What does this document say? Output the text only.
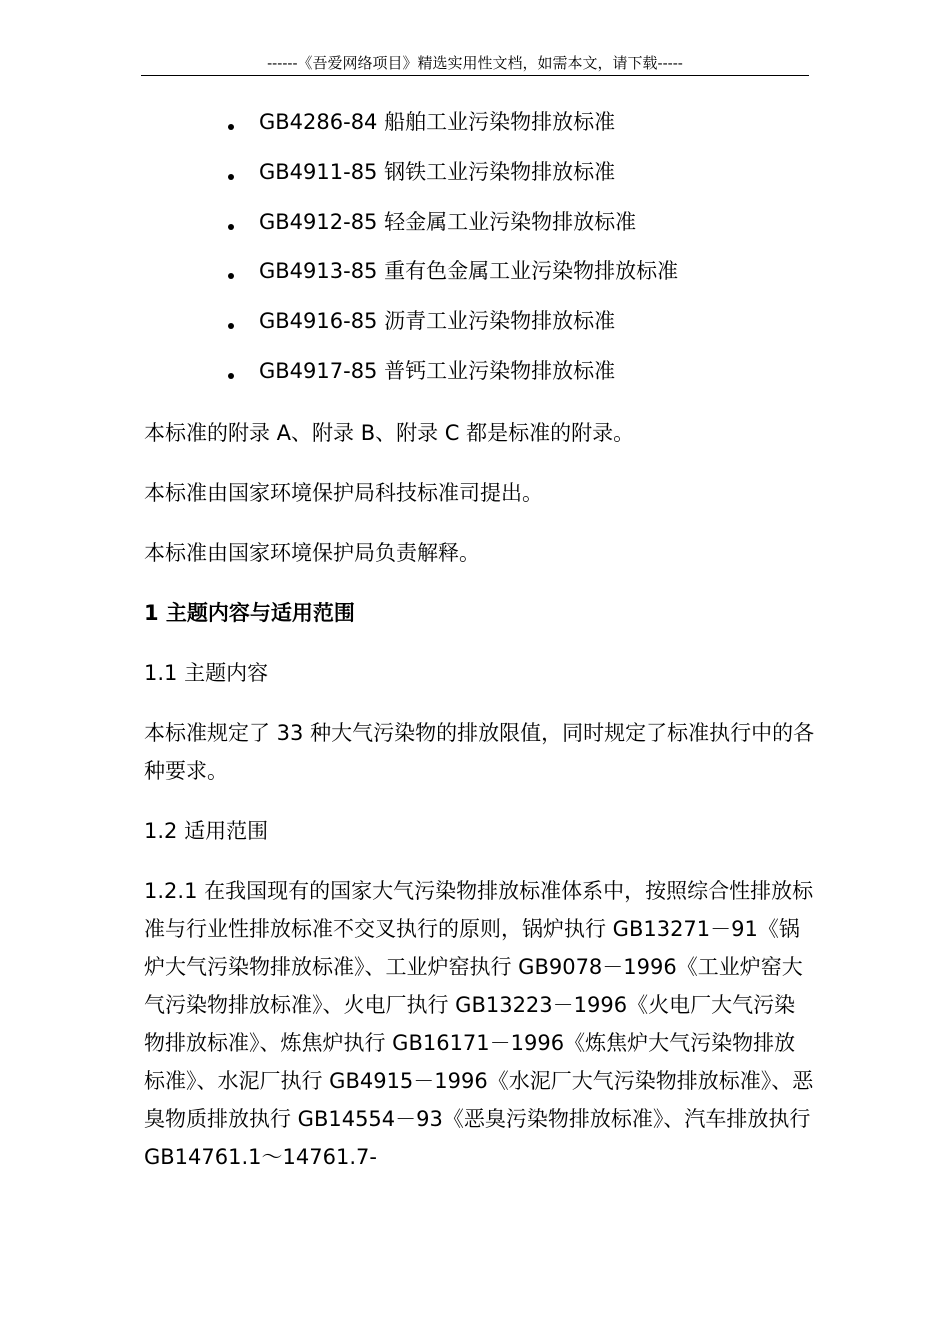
------《吾爱网络项目》精选实用性文档，如需本文，请下载-----
GB4286-84 船舶工业污染物排放标准
GB4911-85 钢铁工业污染物排放标准
GB4912-85 轻金属工业污染物排放标准
GB4913-85 重有色金属工业污染物排放标准
GB4916-85 沥青工业污染物排放标准
GB4917-85 普钙工业污染物排放标准

本标准的附录 A、附录 B、附录 C 都是标准的附录。

本标准由国家环境保护局科技标准司提出。

本标准由国家环境保护局负责解释。

1 主题内容与适用范围

1.1 主题内容

本标准规定了 33 种大气污染物的排放限值，同时规定了标准执行中的各种要求。

1.2 适用范围

1.2.1 在我国现有的国家大气污染物排放标准体系中，按照综合性排放标准与行业性排放标准不交叉执行的原则，锅炉执行 GB13271－91《锅炉大气污染物排放标准》、工业炉窑执行 GB9078－1996《工业炉窑大气污染物排放标准》、火电厂执行 GB13223－1996《火电厂大气污染物排放标准》、炼焦炉执行 GB16171－1996《炼焦炉大气污染物排放标准》、水泥厂执行 GB4915－1996《水泥厂大气污染物排放标准》、恶臭物质排放执行 GB14554－93《恶臭污染物排放标准》、汽车排放执行 GB14761.1～14761.7-
